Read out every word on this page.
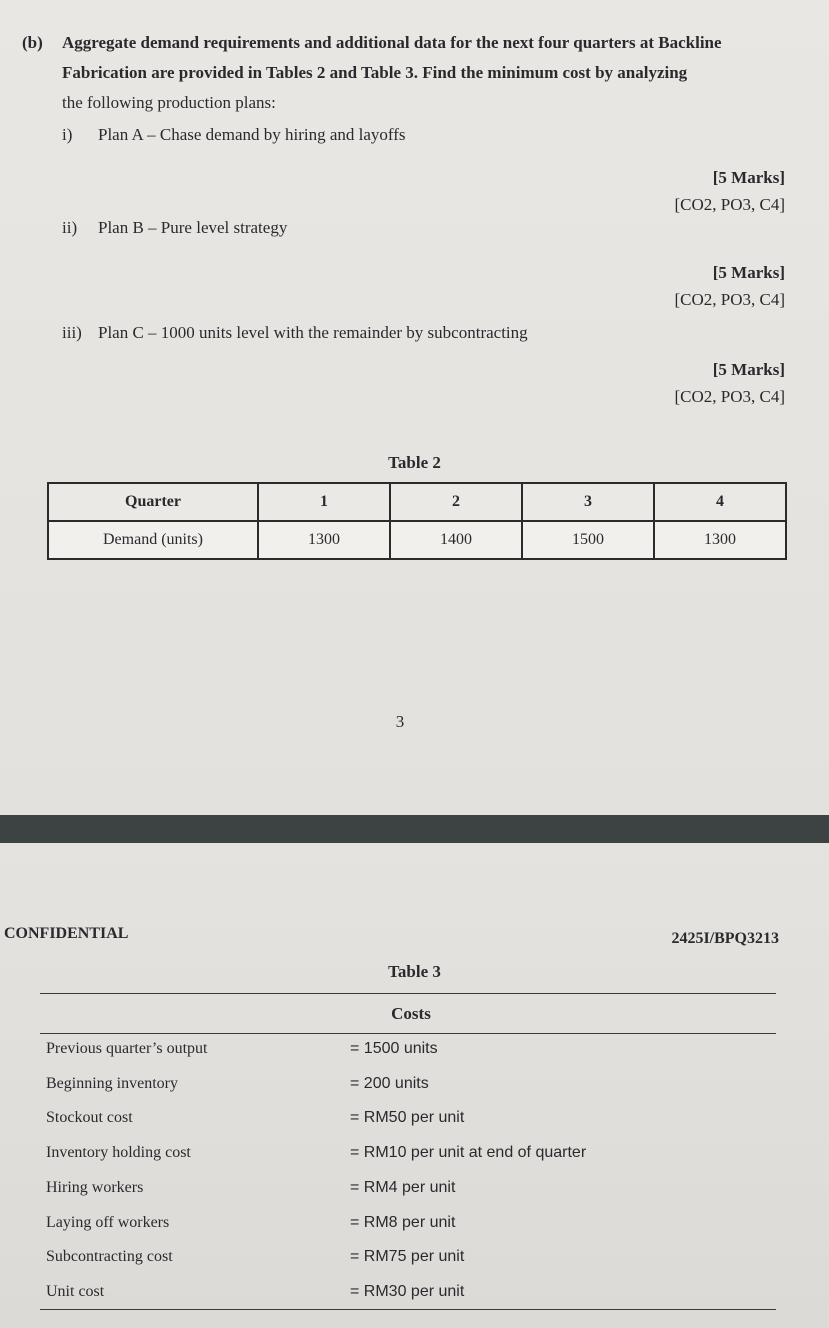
(b) Aggregate demand requirements and additional data for the next four quarters at Backline
Fabrication are provided in Tables 2 and Table 3. Find the minimum cost by analyzing
the following production plans:
i) Plan A – Chase demand by hiring and layoffs
[5 Marks]
[CO2, PO3, C4]
ii) Plan B – Pure level strategy
[5 Marks]
[CO2, PO3, C4]
iii) Plan C – 1000 units level with the remainder by subcontracting
[5 Marks]
[CO2, PO3, C4]
Table 2
Quarter	1	2	3	4
Demand (units)	1300	1400	1500	1300
3
CONFIDENTIAL	2425I/BPQ3213
Table 3
Costs
Previous quarter’s output	= 1500 units
Beginning inventory	= 200 units
Stockout cost	= RM50 per unit
Inventory holding cost	= RM10 per unit at end of quarter
Hiring workers	= RM4 per unit
Laying off workers	= RM8 per unit
Subcontracting cost	= RM75 per unit
Unit cost	= RM30 per unit
